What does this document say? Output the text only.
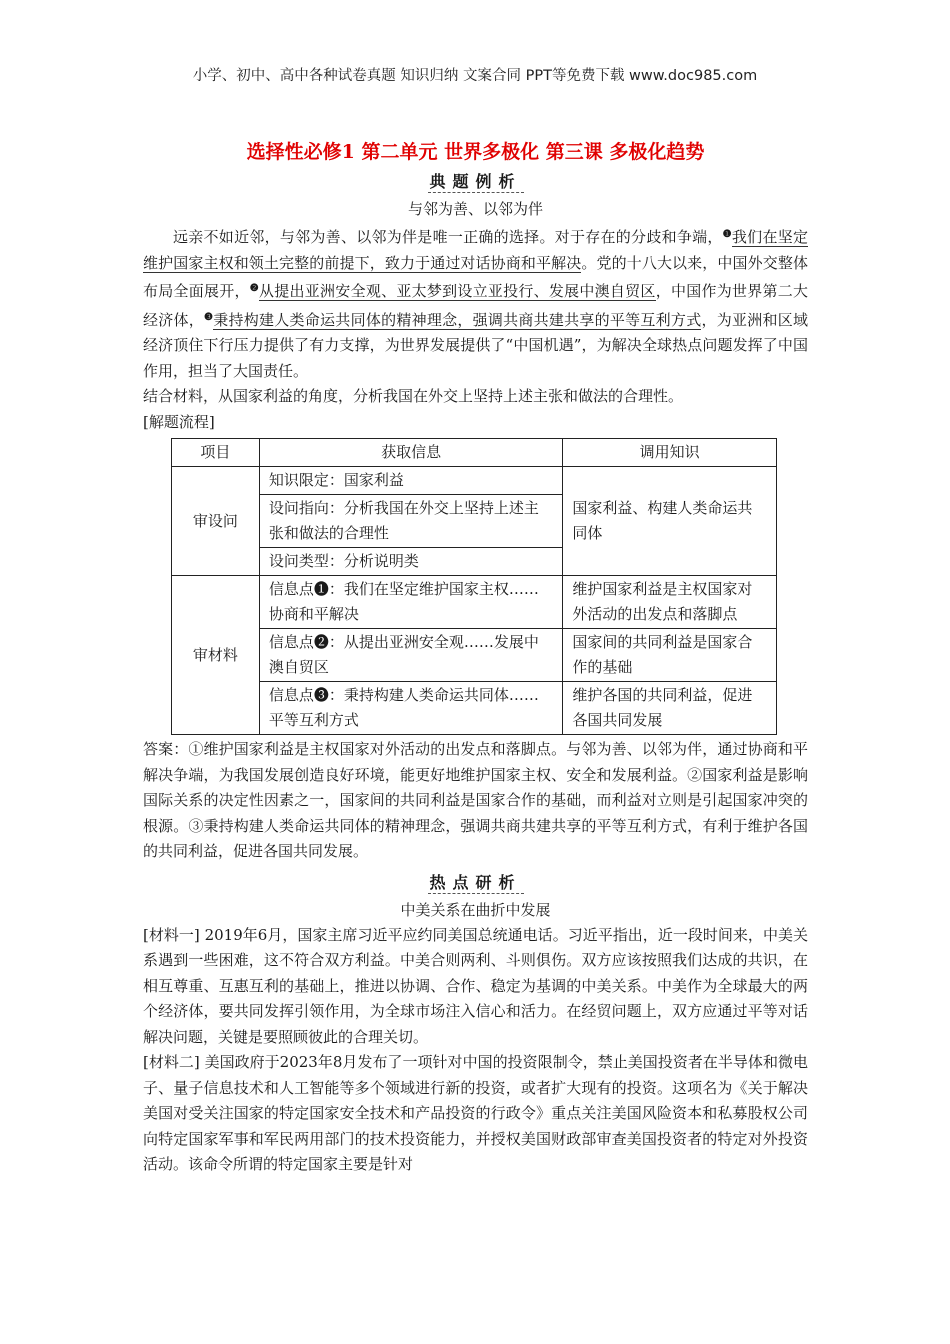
小学、初中、高中各种试卷真题 知识归纳 文案合同 PPT等免费下载 www.doc985.com
选择性必修1 第二单元 世界多极化 第三课 多极化趋势
典题例析
与邻为善、以邻为伴

远亲不如近邻，与邻为善、以邻为伴是唯一正确的选择。对于存在的分歧和争端，$^❶$我们在坚定维护国家主权和领土完整的前提下，致力于通过对话协商和平解决。党的十八大以来，中国外交整体布局全面展开，$^❷$从提出亚洲安全观、亚太梦到设立亚投行、发展中澳自贸区，中国作为世界第二大经济体，$^❸$秉持构建人类命运共同体的精神理念，强调共商共建共享的平等互利方式，为亚洲和区域经济顶住下行压力提供了有力支撑，为世界发展提供了“中国机遇”，为解决全球热点问题发挥了中国作用，担当了大国责任。

结合材料，从国家利益的角度，分析我国在外交上坚持上述主张和做法的合理性。

[解题流程]

项目	获取信息	调用知识
审设问	知识限定：国家利益	国家利益、构建人类命运共同体
	设问指向：分析我国在外交上坚持上述主张和做法的合理性	
	设问类型：分析说明类	
审材料	信息点❶：我们在坚定维护国家主权……协商和平解决	维护国家利益是主权国家对外活动的出发点和落脚点
	信息点❷：从提出亚洲安全观……发展中澳自贸区	国家间的共同利益是国家合作的基础
	信息点❸：秉持构建人类命运共同体……平等互利方式	维护各国的共同利益，促进各国共同发展

答案：①维护国家利益是主权国家对外活动的出发点和落脚点。与邻为善、以邻为伴，通过协商和平解决争端，为我国发展创造良好环境，能更好地维护国家主权、安全和发展利益。②国家利益是影响国际关系的决定性因素之一，国家间的共同利益是国家合作的基础，而利益对立则是引起国家冲突的根源。③秉持构建人类命运共同体的精神理念，强调共商共建共享的平等互利方式，有利于维护各国的共同利益，促进各国共同发展。

热点研析
中美关系在曲折中发展

[材料一] 2019年6月，国家主席习近平应约同美国总统通电话。习近平指出，近一段时间来，中美关系遇到一些困难，这不符合双方利益。中美合则两利、斗则俱伤。双方应该按照我们达成的共识，在相互尊重、互惠互利的基础上，推进以协调、合作、稳定为基调的中美关系。中美作为全球最大的两个经济体，要共同发挥引领作用，为全球市场注入信心和活力。在经贸问题上，双方应通过平等对话解决问题，关键是要照顾彼此的合理关切。

[材料二] 美国政府于2023年8月发布了一项针对中国的投资限制令，禁止美国投资者在半导体和微电子、量子信息技术和人工智能等多个领域进行新的投资，或者扩大现有的投资。这项名为《关于解决美国对受关注国家的特定国家安全技术和产品投资的行政令》重点关注美国风险资本和私募股权公司向特定国家军事和军民两用部门的技术投资能力，并授权美国财政部审查美国投资者的特定对外投资活动。该命令所谓的特定国家主要是针对
